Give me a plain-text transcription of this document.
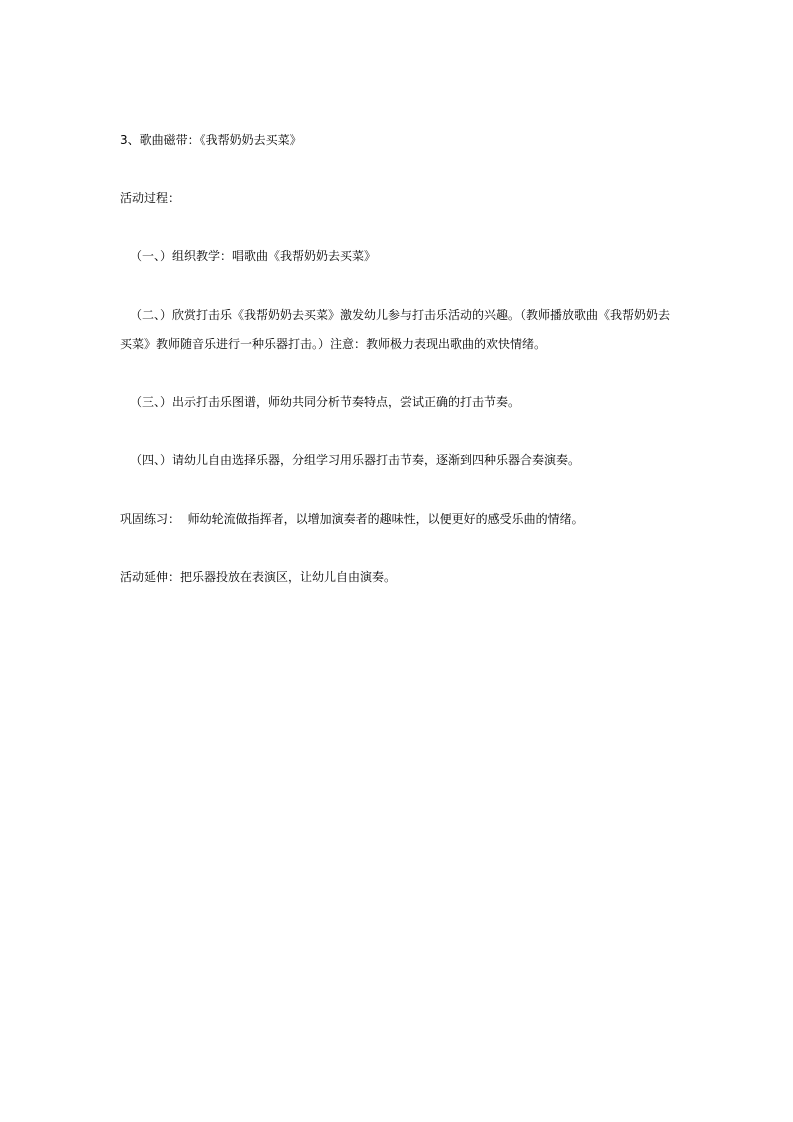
3、歌曲磁带：《我帮奶奶去买菜》

活动过程：

（一、）组织教学：唱歌曲《我帮奶奶去买菜》

（二、）欣赏打击乐《我帮奶奶去买菜》激发幼儿参与打击乐活动的兴趣。（教师播放歌曲《我帮奶奶去买菜》教师随音乐进行一种乐器打击。）注意：教师极力表现出歌曲的欢快情绪。

（三、）出示打击乐图谱，师幼共同分析节奏特点，尝试正确的打击节奏。

（四、）请幼儿自由选择乐器，分组学习用乐器打击节奏，逐渐到四种乐器合奏演奏。

巩固练习：  师幼轮流做指挥者，以增加演奏者的趣味性，以便更好的感受乐曲的情绪。

活动延伸：把乐器投放在表演区，让幼儿自由演奏。
